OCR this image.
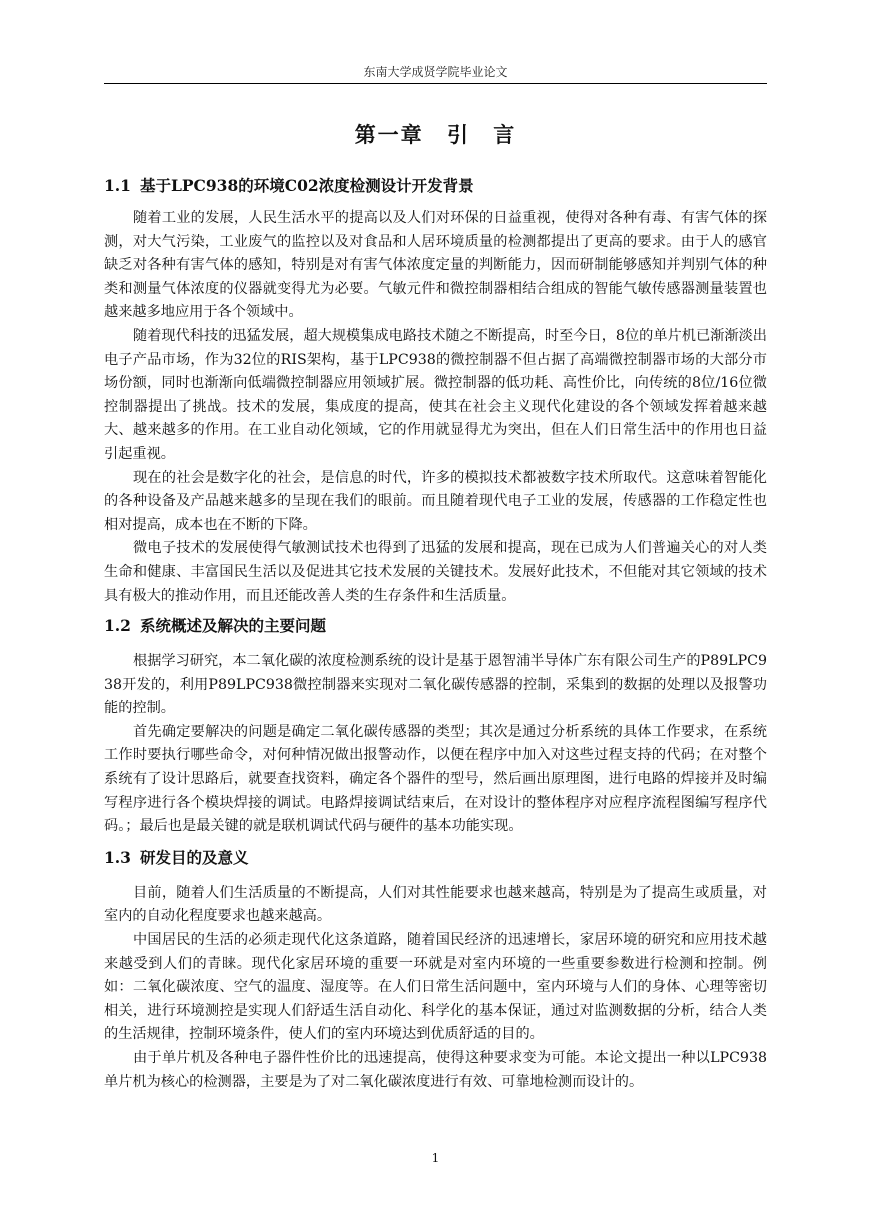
东南大学成贤学院毕业论文
第一章 引 言
1.1 基于LPC938的环境C02浓度检测设计开发背景

随着工业的发展，人民生活水平的提高以及人们对环保的日益重视，使得对各种有毒、有害气体的探测，对大气污染，工业废气的监控以及对食品和人居环境质量的检测都提出了更高的要求。由于人的感官缺乏对各种有害气体的感知，特别是对有害气体浓度定量的判断能力，因而研制能够感知并判别气体的种类和测量气体浓度的仪器就变得尤为必要。气敏元件和微控制器相结合组成的智能气敏传感器测量装置也越来越多地应用于各个领域中。

随着现代科技的迅猛发展，超大规模集成电路技术随之不断提高，时至今日，8位的单片机已渐渐淡出电子产品市场，作为32位的RIS架构，基于LPC938的微控制器不但占据了高端微控制器市场的大部分市场份额，同时也渐渐向低端微控制器应用领域扩展。微控制器的低功耗、高性价比，向传统的8位/16位微控制器提出了挑战。技术的发展，集成度的提高，使其在社会主义现代化建设的各个领域发挥着越来越大、越来越多的作用。在工业自动化领域，它的作用就显得尤为突出，但在人们日常生活中的作用也日益引起重视。

现在的社会是数字化的社会，是信息的时代，许多的模拟技术都被数字技术所取代。这意味着智能化的各种设备及产品越来越多的呈现在我们的眼前。而且随着现代电子工业的发展，传感器的工作稳定性也相对提高，成本也在不断的下降。

微电子技术的发展使得气敏测试技术也得到了迅猛的发展和提高，现在已成为人们普遍关心的对人类生命和健康、丰富国民生活以及促进其它技术发展的关键技术。发展好此技术，不但能对其它领域的技术具有极大的推动作用，而且还能改善人类的生存条件和生活质量。

1.2 系统概述及解决的主要问题

根据学习研究，本二氧化碳的浓度检测系统的设计是基于恩智浦半导体广东有限公司生产的P89LPC938开发的，利用P89LPC938微控制器来实现对二氧化碳传感器的控制，采集到的数据的处理以及报警功能的控制。

首先确定要解决的问题是确定二氧化碳传感器的类型；其次是通过分析系统的具体工作要求，在系统工作时要执行哪些命令，对何种情况做出报警动作，以便在程序中加入对这些过程支持的代码；在对整个系统有了设计思路后，就要查找资料，确定各个器件的型号，然后画出原理图，进行电路的焊接并及时编写程序进行各个模块焊接的调试。电路焊接调试结束后，在对设计的整体程序对应程序流程图编写程序代码。；最后也是最关键的就是联机调试代码与硬件的基本功能实现。

1.3 研发目的及意义

目前，随着人们生活质量的不断提高，人们对其性能要求也越来越高，特别是为了提高生或质量，对室内的自动化程度要求也越来越高。

中国居民的生活的必须走现代化这条道路，随着国民经济的迅速增长，家居环境的研究和应用技术越来越受到人们的青睐。现代化家居环境的重要一环就是对室内环境的一些重要参数进行检测和控制。例如：二氧化碳浓度、空气的温度、湿度等。在人们日常生活问题中，室内环境与人们的身体、心理等密切相关，进行环境测控是实现人们舒适生活自动化、科学化的基本保证，通过对监测数据的分析，结合人类的生活规律，控制环境条件，使人们的室内环境达到优质舒适的目的。

由于单片机及各种电子器件性价比的迅速提高，使得这种要求变为可能。本论文提出一种以LPC938单片机为核心的检测器，主要是为了对二氧化碳浓度进行有效、可靠地检测而设计的。

1
